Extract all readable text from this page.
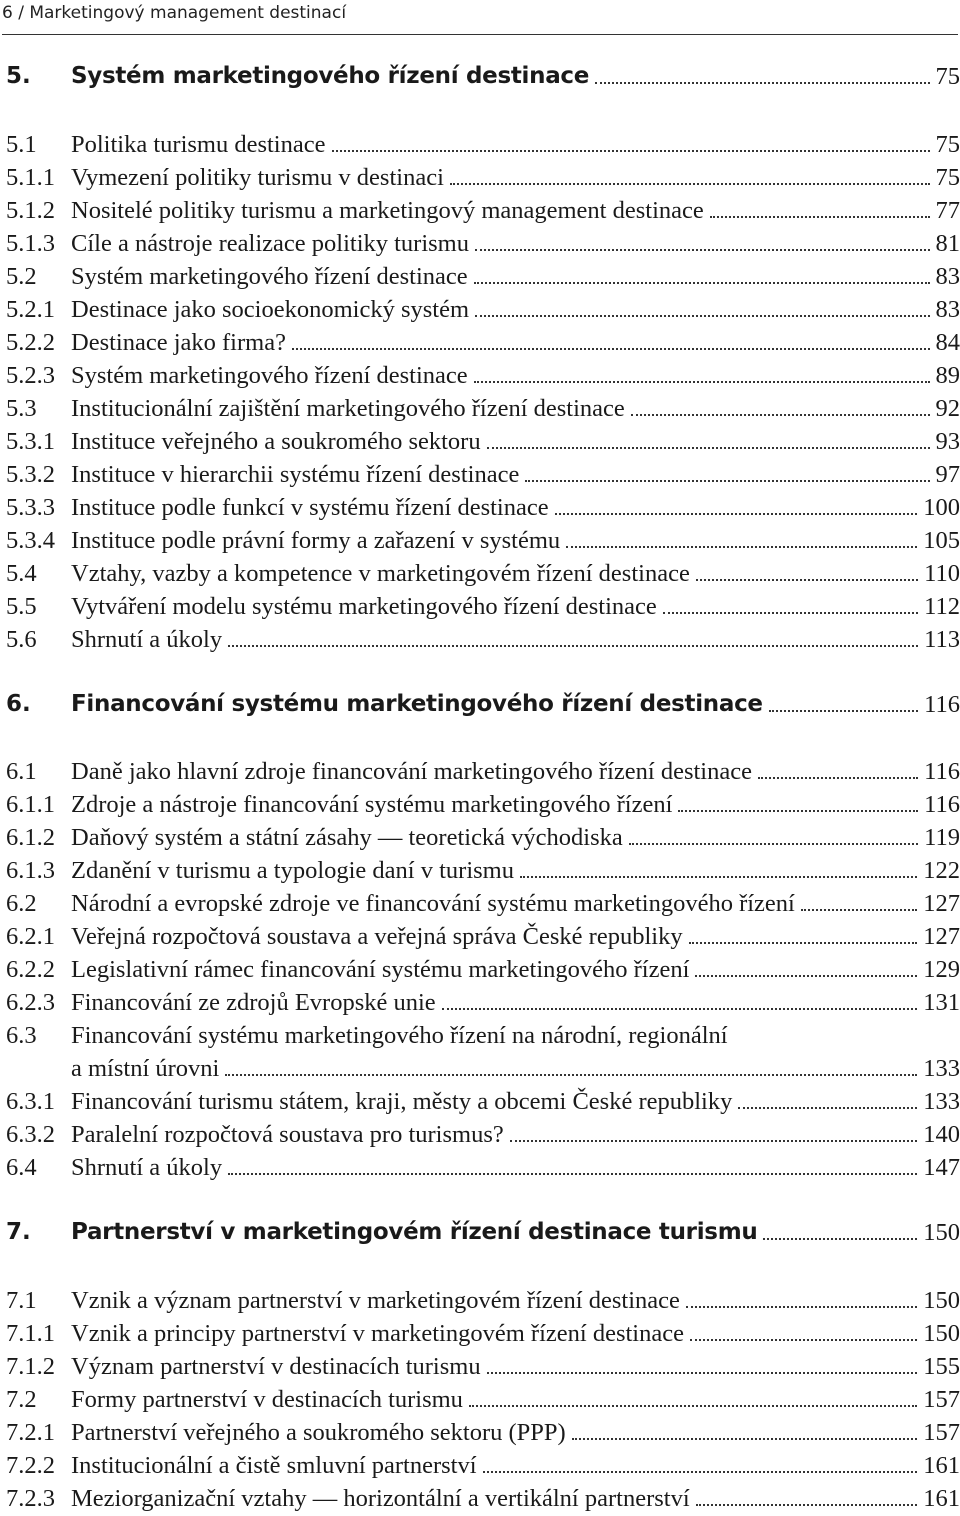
6 / Marketingový management destinací
5. Systém marketingového řízení destinace	75
5.1 Politika turismu destinace	75
5.1.1 Vymezení politiky turismu v destinaci	75
5.1.2 Nositelé politiky turismu a marketingový management destinace	77
5.1.3 Cíle a nástroje realizace politiky turismu	81
5.2 Systém marketingového řízení destinace	83
5.2.1 Destinace jako socioekonomický systém	83
5.2.2 Destinace jako firma?	84
5.2.3 Systém marketingového řízení destinace	89
5.3 Institucionální zajištění marketingového řízení destinace	92
5.3.1 Instituce veřejného a soukromého sektoru	93
5.3.2 Instituce v hierarchii systému řízení destinace	97
5.3.3 Instituce podle funkcí v systému řízení destinace	100
5.3.4 Instituce podle právní formy a zařazení v systému	105
5.4 Vztahy, vazby a kompetence v marketingovém řízení destinace	110
5.5 Vytváření modelu systému marketingového řízení destinace	112
5.6 Shrnutí a úkoly	113
6. Financování systému marketingového řízení destinace	116
6.1 Daně jako hlavní zdroje financování marketingového řízení destinace	116
6.1.1 Zdroje a nástroje financování systému marketingového řízení	116
6.1.2 Daňový systém a státní zásahy — teoretická východiska	119
6.1.3 Zdanění v turismu a typologie daní v turismu	122
6.2 Národní a evropské zdroje ve financování systému marketingového řízení	127
6.2.1 Veřejná rozpočtová soustava a veřejná správa České republiky	127
6.2.2 Legislativní rámec financování systému marketingového řízení	129
6.2.3 Financování ze zdrojů Evropské unie	131
6.3 Financování systému marketingového řízení na národní, regionální
a místní úrovni	133
6.3.1 Financování turismu státem, kraji, městy a obcemi České republiky	133
6.3.2 Paralelní rozpočtová soustava pro turismus?	140
6.4 Shrnutí a úkoly	147
7. Partnerství v marketingovém řízení destinace turismu	150
7.1 Vznik a význam partnerství v marketingovém řízení destinace	150
7.1.1 Vznik a principy partnerství v marketingovém řízení destinace	150
7.1.2 Význam partnerství v destinacích turismu	155
7.2 Formy partnerství v destinacích turismu	157
7.2.1 Partnerství veřejného a soukromého sektoru (PPP)	157
7.2.2 Institucionální a čistě smluvní partnerství	161
7.2.3 Meziorganizační vztahy — horizontální a vertikální partnerství	161
